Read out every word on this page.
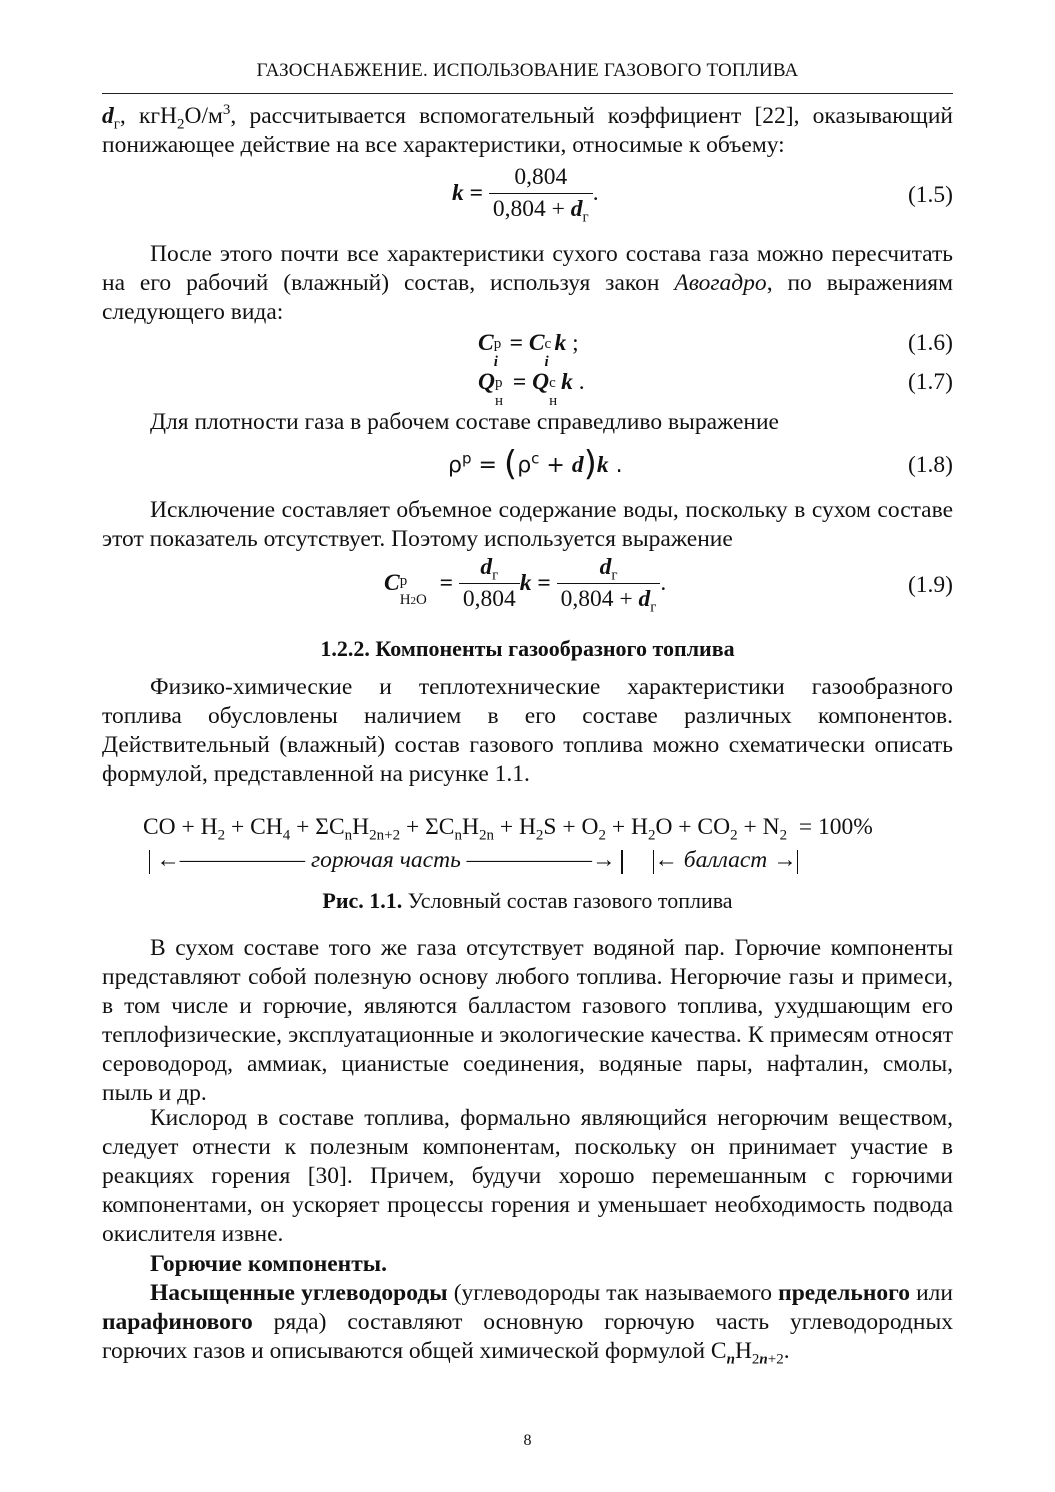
ГАЗОСНАБЖЕНИЕ. ИСПОЛЬЗОВАНИЕ ГАЗОВОГО ТОПЛИВА
$d_г$, $кгH_2O/м^3$, рассчитывается вспомогательный коэффициент [22], оказывающий понижающее действие на все характеристики, относимые к объему:
$k = \frac{0,804}{0,804 + d_г}$ .	(1.5)
После этого почти все характеристики сухого состава газа можно пересчитать на его рабочий (влажный) состав, используя закон Авогадро, по выражениям следующего вида:
C р
i
= C с
i
k ;	(1.6)
Q р
н
= Q с
н
k .	(1.7)
Для плотности газа в рабочем составе справедливо выражение
$\rho^р = (\rho^с + d)k$ .	(1.8)
Исключение составляет объемное содержание воды, поскольку в сухом составе этот показатель отсутствует. Поэтому используется выражение
C р
H2O
= $\frac{d_г}{0,804}$ $k = \frac{d_г}{0,804 + d_г}$ .	(1.9)
1.2.2. Компоненты газообразного топлива
Физико-химические и теплотехнические характеристики газообразного топлива обусловлены наличием в его составе различных компонентов. Действительный (влажный) состав газового топлива можно схематически описать формулой, представленной на рисунке 1.1.
CO + $H_2 + CH_4 + \Sigma C_nH_{2n+2} + \Sigma C_nH_{2n} + H_2S + O_2 + H_2O + CO_2 + N_2 = 100\%$
←—————— горючая часть ——————→ ← балласт →
Рис. 1.1. Условный состав газового топлива
В сухом составе того же газа отсутствует водяной пар. Горючие компоненты представляют собой полезную основу любого топлива. Негорючие газы и примеси, в том числе и горючие, являются балластом газового топлива, ухудшающим его теплофизические, эксплуатационные и экологические качества. К примесям относят сероводород, аммиак, цианистые соединения, водяные пары, нафталин, смолы, пыль и др.
Кислород в составе топлива, формально являющийся негорючим веществом, следует отнести к полезным компонентам, поскольку он принимает участие в реакциях горения [30]. Причем, будучи хорошо перемешанным с горючими компонентами, он ускоряет процессы горения и уменьшает необходимость подвода окислителя извне.
Горючие компоненты.
Насыщенные углеводороды (углеводороды так называемого предельного или парафинового ряда) составляют основную горючую часть углеводородных горючих газов и описываются общей химической формулой $C_nH_{2n+2}$.
8
